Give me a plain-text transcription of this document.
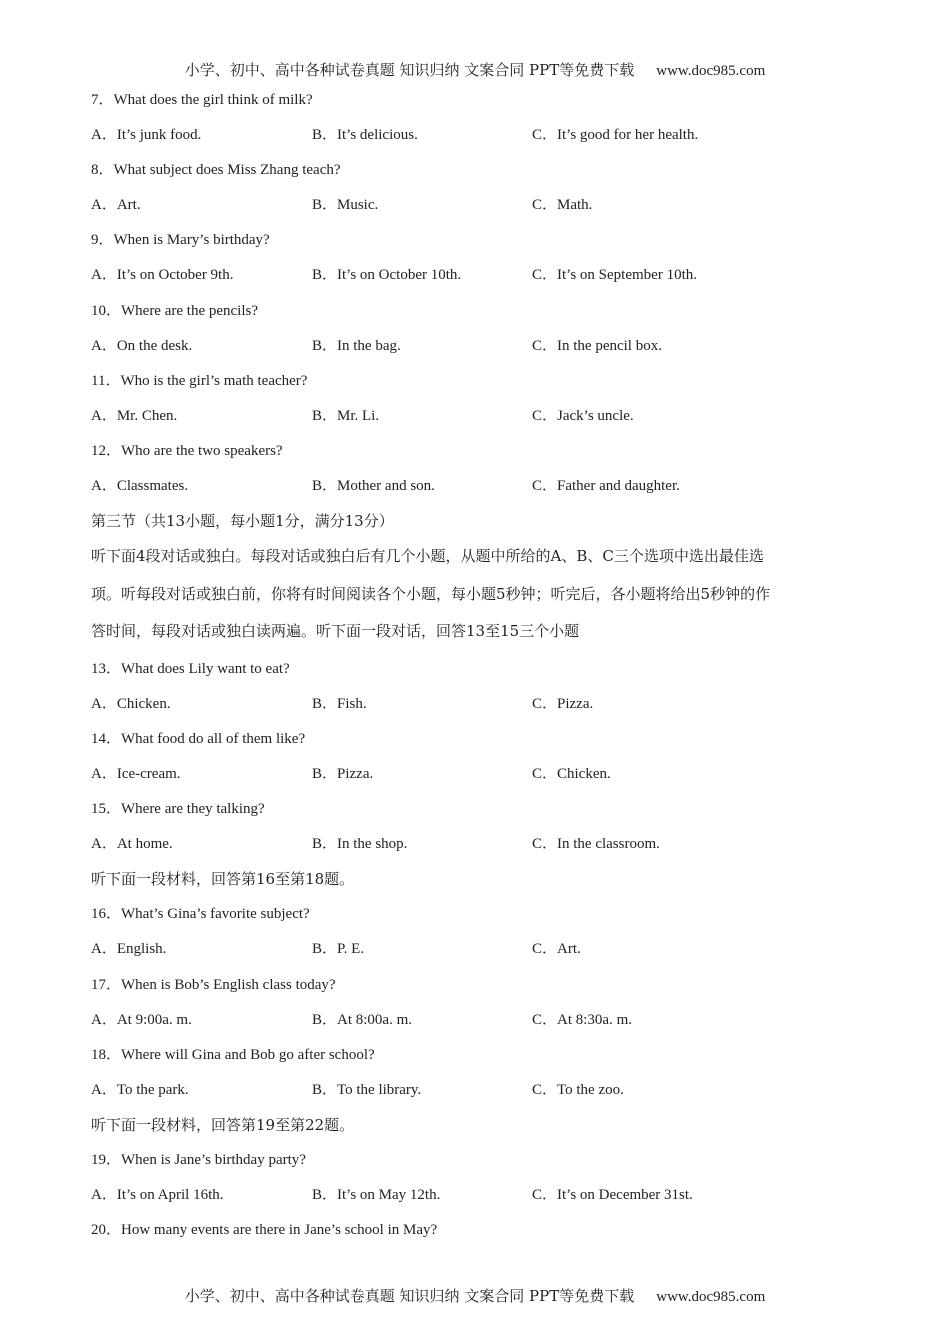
小学、初中、高中各种试卷真题 知识归纳 文案合同 PPT等免费下载 www.doc985.com
7．What does the girl think of milk?
A．It’s junk food.	B．It’s delicious.	C．It’s good for her health.
8．What subject does Miss Zhang teach?
A．Art.	B．Music.	C．Math.
9．When is Mary’s birthday?
A．It’s on October 9th.	B．It’s on October 10th.	C．It’s on September 10th.
10．Where are the pencils?
A．On the desk.	B．In the bag.	C．In the pencil box.
11．Who is the girl’s math teacher?
A．Mr. Chen.	B．Mr. Li.	C．Jack’s uncle.
12．Who are the two speakers?
A．Classmates.	B．Mother and son.	C．Father and daughter.
第三节（共13小题，每小题1分，满分13分）
听下面4段对话或独白。每段对话或独白后有几个小题，从题中所给的A、B、C三个选项中选出最佳选
项。听每段对话或独白前，你将有时间阅读各个小题，每小题5秒钟；听完后，各小题将给出5秒钟的作
答时间，每段对话或独白读两遍。听下面一段对话，回答13至15三个小题
13．What does Lily want to eat?
A．Chicken.	B．Fish.	C．Pizza.
14．What food do all of them like?
A．Ice-cream.	B．Pizza.	C．Chicken.
15．Where are they talking?
A．At home.	B．In the shop.	C．In the classroom.
听下面一段材料，回答第16至第18题。
16．What’s Gina’s favorite subject?
A．English.	B．P. E.	C．Art.
17．When is Bob’s English class today?
A．At 9:00a. m.	B．At 8:00a. m.	C．At 8:30a. m.
18．Where will Gina and Bob go after school?
A．To the park.	B．To the library.	C．To the zoo.
听下面一段材料，回答第19至第22题。
19．When is Jane’s birthday party?
A．It’s on April 16th.	B．It’s on May 12th.	C．It’s on December 31st.
20．How many events are there in Jane’s school in May?
小学、初中、高中各种试卷真题 知识归纳 文案合同 PPT等免费下载 www.doc985.com
